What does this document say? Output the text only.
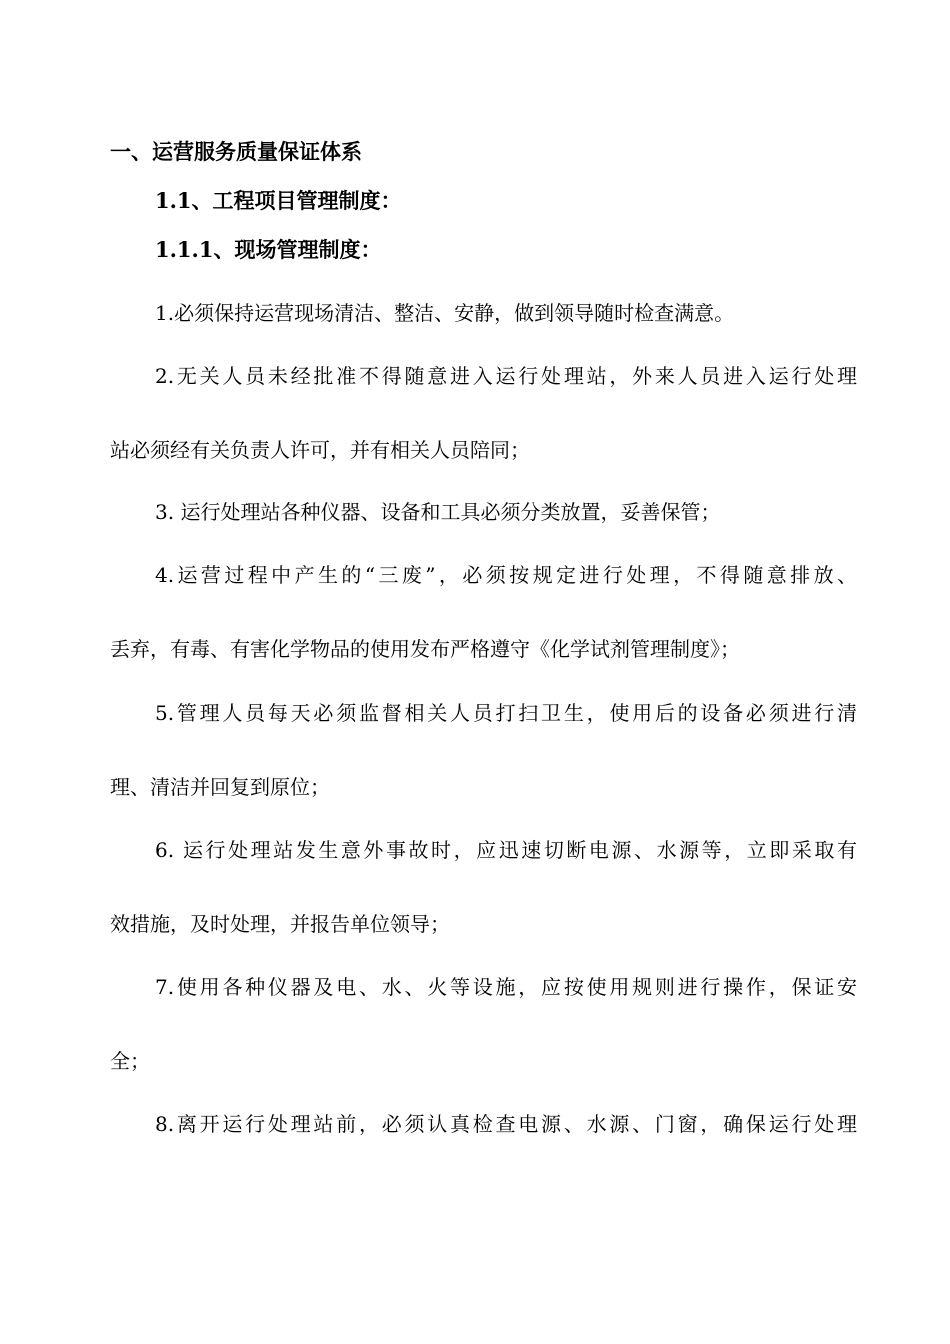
一、运营服务质量保证体系
1.1、工程项目管理制度：
1.1.1、现场管理制度：
1.必须保持运营现场清洁、整洁、安静，做到领导随时检查满意。
2.无关人员未经批准不得随意进入运行处理站，外来人员进入运行处理
站必须经有关负责人许可，并有相关人员陪同；
3. 运行处理站各种仪器、设备和工具必须分类放置，妥善保管；
4.运营过程中产生的“三废”，必须按规定进行处理，不得随意排放、
丢弃，有毒、有害化学物品的使用发布严格遵守《化学试剂管理制度》；
5.管理人员每天必须监督相关人员打扫卫生，使用后的设备必须进行清
理、清洁并回复到原位；
6. 运行处理站发生意外事故时，应迅速切断电源、水源等，立即采取有
效措施，及时处理，并报告单位领导；
7.使用各种仪器及电、水、火等设施，应按使用规则进行操作，保证安
全；
8.离开运行处理站前，必须认真检查电源、水源、门窗，确保运行处理
